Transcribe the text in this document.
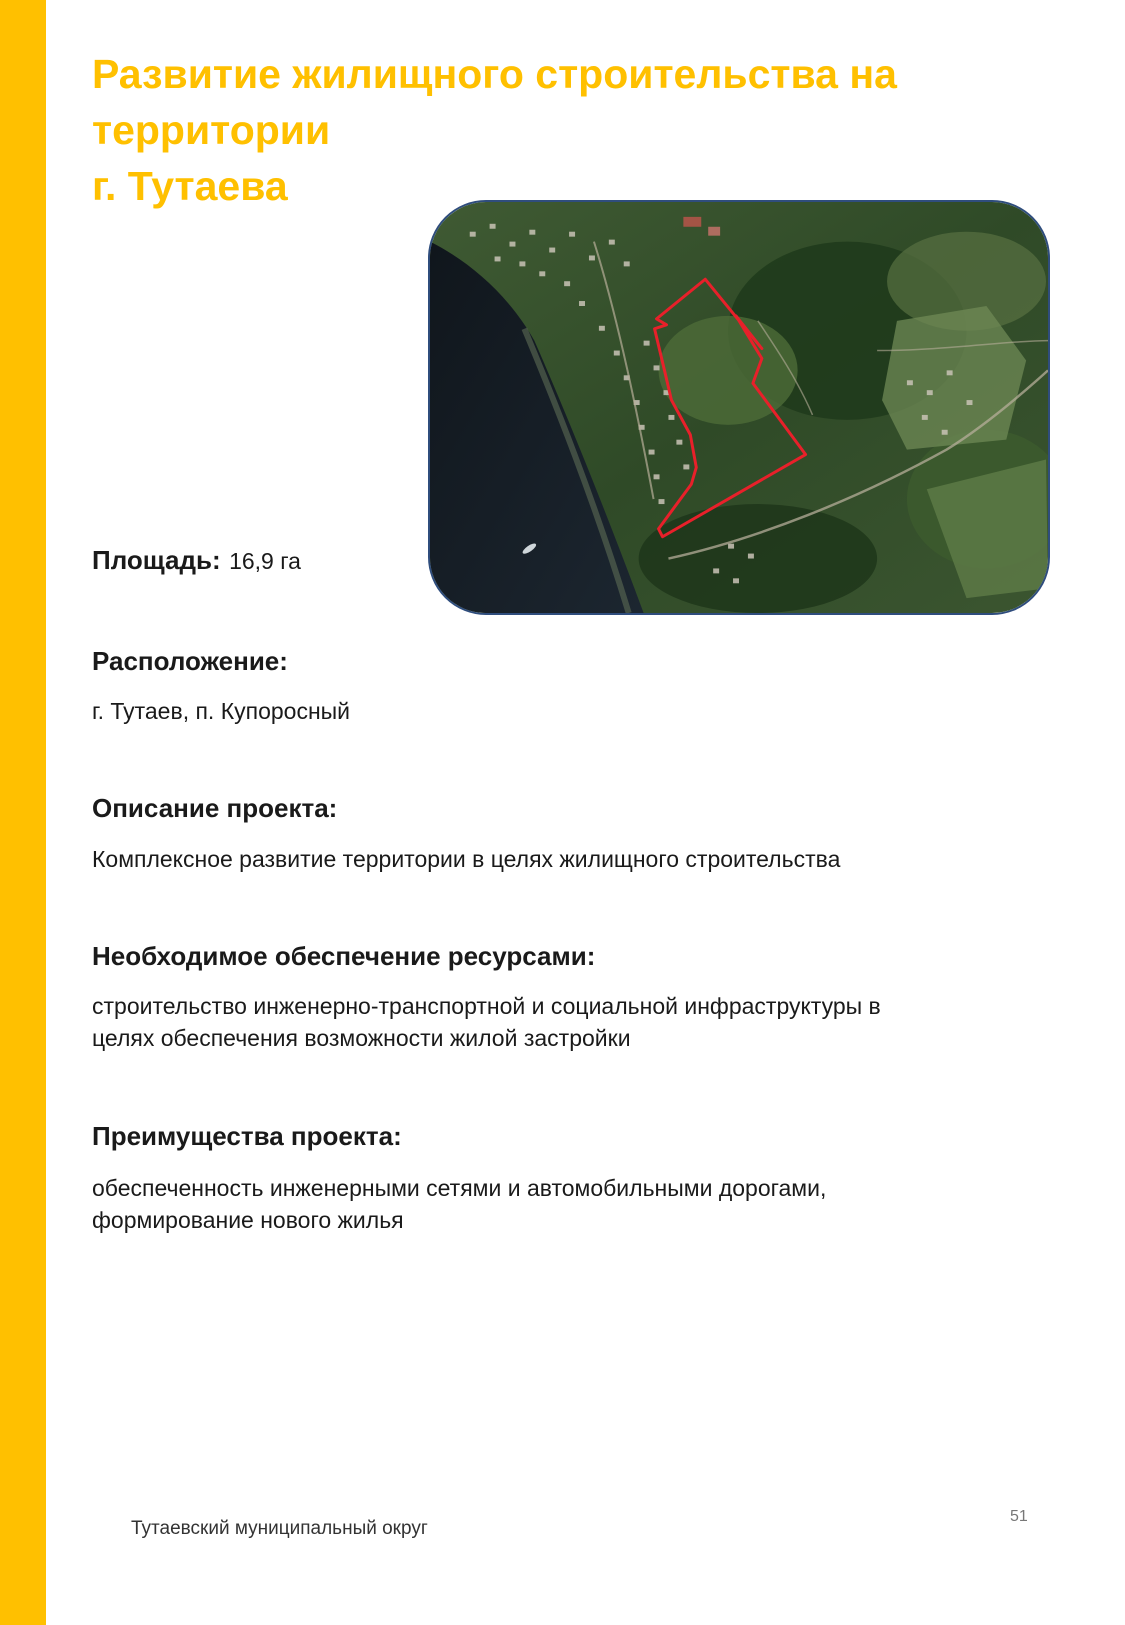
Развитие жилищного строительства на
территории
г. Тутаева
Площадь: 16,9 га
Расположение:
г. Тутаев, п. Купоросный
Описание проекта:
Комплексное развитие территории в целях жилищного строительства
Необходимое обеспечение ресурсами:
строительство инженерно-транспортной и социальной инфраструктуры в
целях обеспечения возможности жилой застройки
Преимущества проекта:
обеспеченность инженерными сетями и автомобильными дорогами,
формирование нового жилья
Тутаевский муниципальный округ
51
